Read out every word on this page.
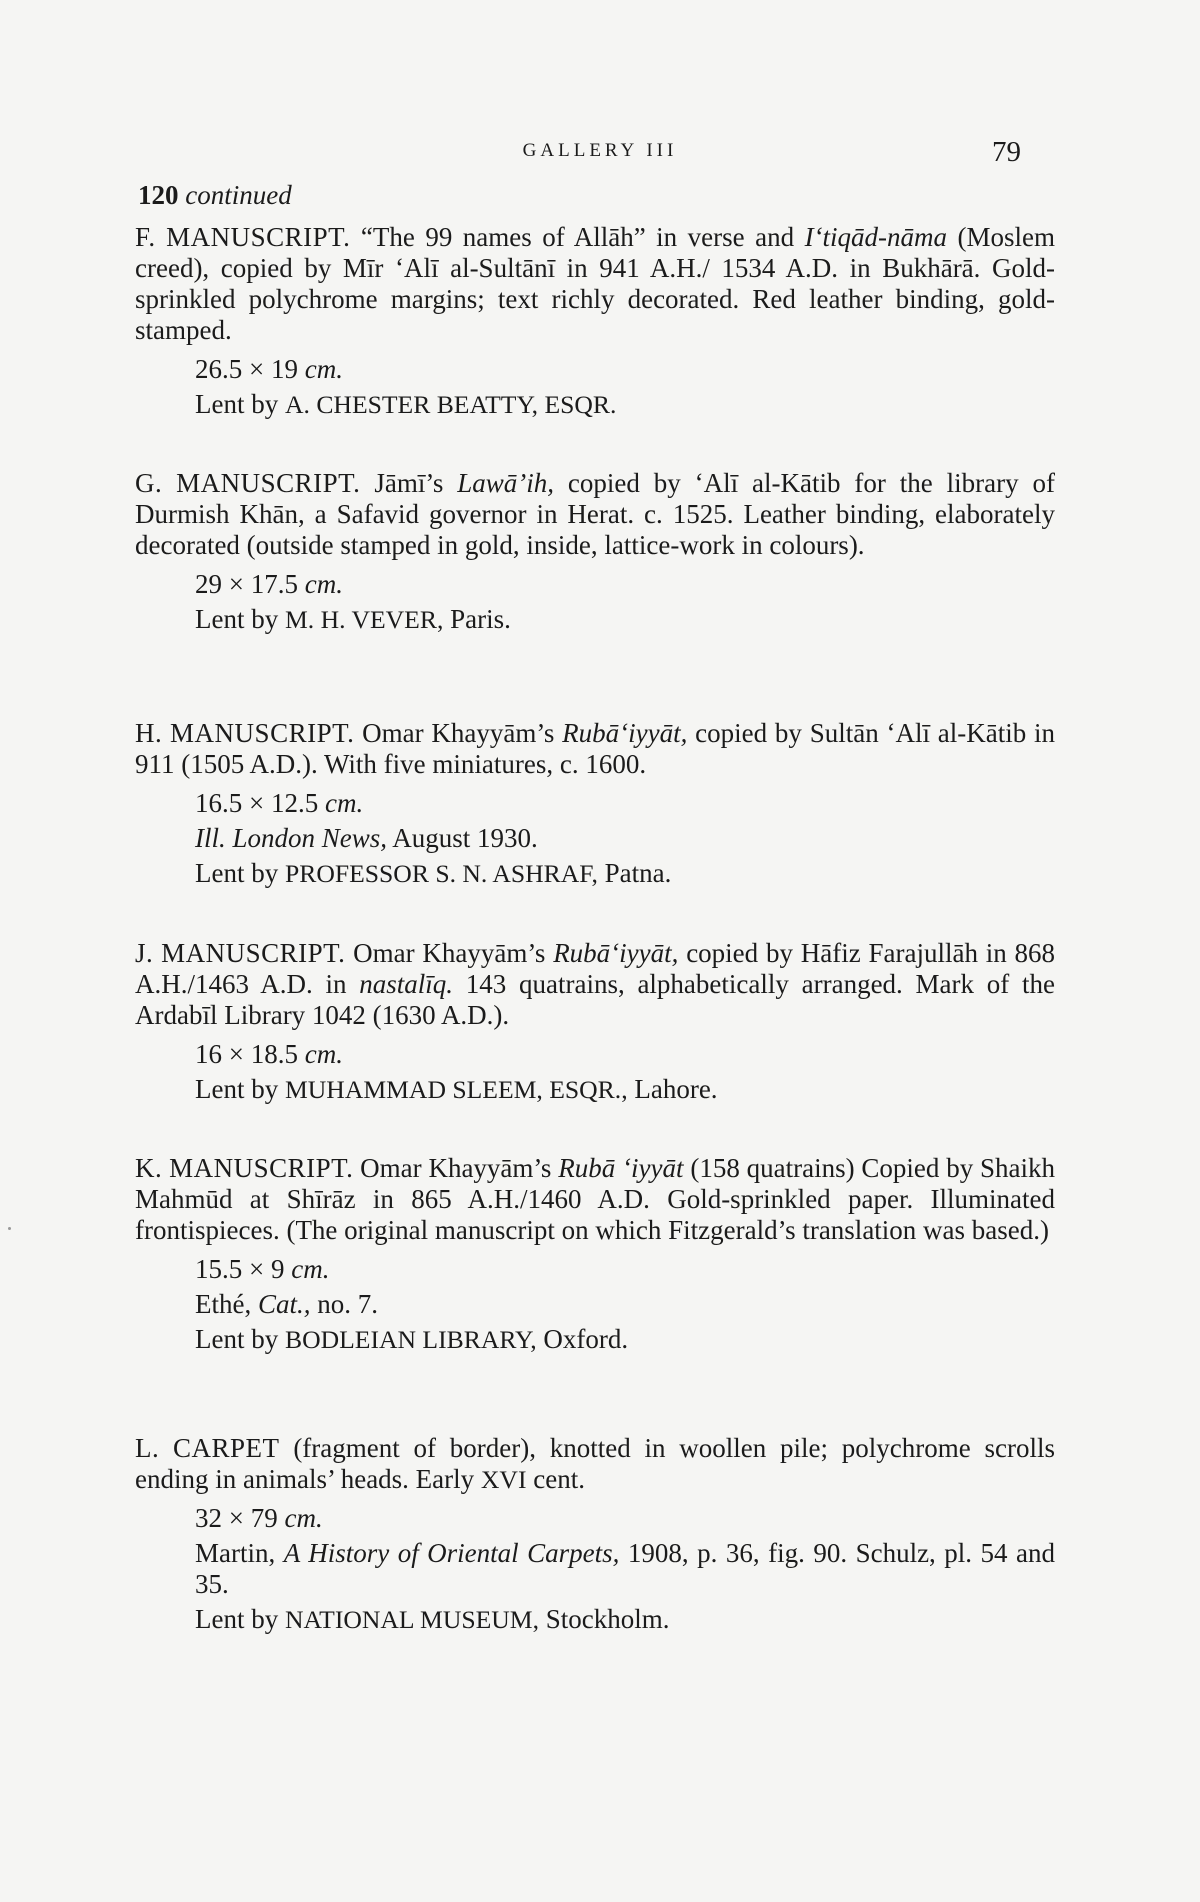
GALLERY III	79
120 continued

F. MANUSCRIPT. “The 99 names of Allāh” in verse and I‘tiqād-nāma (Moslem creed), copied by Mīr ‘Alī al-Sultānī in 941 A.H./ 1534 A.D. in Bukhārā. Gold-sprinkled polychrome margins; text richly decorated. Red leather binding, gold-stamped.

26.5 × 19 cm.

Lent by A. CHESTER BEATTY, ESQR.

G. MANUSCRIPT. Jāmī’s Lawā’ih, copied by ‘Alī al-Kātib for the library of Durmish Khān, a Safavid governor in Herat. c. 1525. Leather binding, elaborately decorated (outside stamped in gold, inside, lattice-work in colours).

29 × 17.5 cm.

Lent by M. H. VEVER, Paris.

H. MANUSCRIPT. Omar Khayyām’s Rubā‘iyyāt, copied by Sultān ‘Alī al-Kātib in 911 (1505 A.D.). With five miniatures, c. 1600.

16.5 × 12.5 cm.

Ill. London News, August 1930.

Lent by PROFESSOR S. N. ASHRAF, Patna.

J. MANUSCRIPT. Omar Khayyām’s Rubā‘iyyāt, copied by Hāfiz Farajullāh in 868 A.H./1463 A.D. in nastalīq. 143 quatrains, alphabetically arranged. Mark of the Ardabīl Library 1042 (1630 A.D.).

16 × 18.5 cm.

Lent by MUHAMMAD SLEEM, ESQR., Lahore.

K. MANUSCRIPT. Omar Khayyām’s Rubā ‘iyyāt (158 quatrains) Copied by Shaikh Mahmūd at Shīrāz in 865 A.H./1460 A.D. Gold-sprinkled paper. Illuminated frontispieces. (The original manuscript on which Fitzgerald’s translation was based.)

15.5 × 9 cm.

Ethé, Cat., no. 7.

Lent by BODLEIAN LIBRARY, Oxford.

L. CARPET (fragment of border), knotted in woollen pile; polychrome scrolls ending in animals’ heads. Early XVI cent.

32 × 79 cm.

Martin, A History of Oriental Carpets, 1908, p. 36, fig. 90. Schulz, pl. 54 and 35.

Lent by NATIONAL MUSEUM, Stockholm.
